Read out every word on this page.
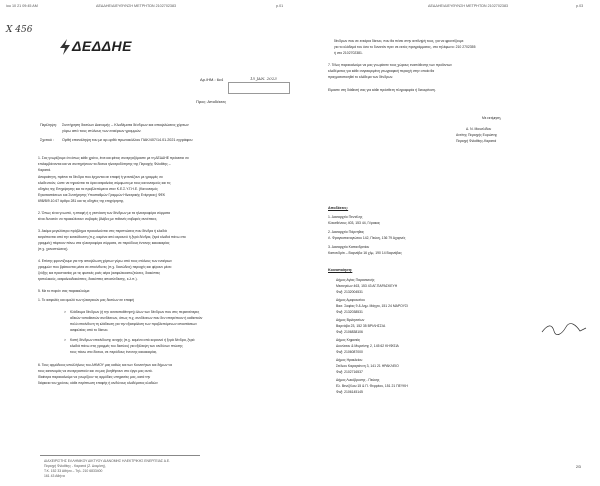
iou 10 21 09:45 AM	ΔΕΔΔΗΕ/ΔΙΕΥΘΥΝΣΗ ΜΕΤΡΗΤΩΝ 2102702383	p.01
X 456
ΔΕΔΔΗΕ
Αρ./ΗΜ.: 6c4	15 JAN. 2023
Προς: Αποδέκτες
Περίληψη: Συντήρηση δικτύων Διανομής – Κλαδέματα δένδρων και αποψιλώσεις χόρτων
γύρω από τους στύλους των εναέριων γραμμών.
Σχετικό : Ορθή επανάληψη του με αρ.ορθό πρωτοκόλλου ΠΑΚ/407/14.01.2021 εγγράφου
1. Σας γνωρίζουμε ότι όπως κάθε χρόνο, έτσι και φέτος συνεργαζόμαστε με τη ΔΕΔΔΗΕ πρόκειται να
επιλαμβάνονται και να συντηρήσουν τα δίκτυα ηλεκτροδότησης της Περιοχής Φιλοθέης –
Καρατιά.
Απαραίτητη, πρέπει τα δένδρα που έρχονται σε επαφή ή γειτνιάζουν με γραμμές να
κλαδευτούν, ώστε να τηρούνται τα όρια ασφαλείας σύμφωνα με τους κανονισμούς και τις
οδηγίες της Επιχείρησης και τα προβλεπόμενα στον Κ.Ε.Σ.Υ.Γ.Η.Ε. (Κανονισμός
Εγκαταστάσεων και Συντήρησης Υποσταθμών Γραμμών Ηλεκτρικής Ενέργειας) ΦΕΚ
698/Β/9.10.67 άρθρο 281 και τις οδηγίες της επιχείρησης.
2. Όπως είναι γνωστό, η επαφή ή η γειτνίαση των δένδρων με τα ηλεκτροφόρα σύρματα
είναι δυνατόν να προκαλέσουν σοβαρές βλάβες με πιθανές σοβαρές συνέπειες.
3. Ακόμα μεγαλύτερο πρόβλημα προκαλούνται στις περιπτώσεις που δένδρα ή κλαδιά
εκτρέπονται από την κατεύθυνση (π.χ. καμένα από κεραυνό ή ξερά δένδρα, ξερά κλαδιά πάνω στο
γραμμές) πέφτουν πάνω στα ηλεκτροφόρα σύρματα, σε περιόδους έντονης κακοκαιρίας
(π.χ. χιονοπτώσεις).
4. Επίσης φροντίζουμε για την αποψίλωση χόρτων γύρω από τους στύλους των εναέριων
γραμμών που βρίσκονται μέσα σε επικίνδυνες (π.χ. δασώδεις) περιοχές και φέρουν μέσο
ζεύξης και προστασίας με τις φυσικές ροές αέρα (ασφαλειοαποζεύκτες, διακόπτες
τριπολικούς, ασφαλειοδιακόπτες, διακόπτες αποσύνδεσης, κ.λ.π.).
5. Με το παρόν σας παρακαλούμε:
1. Το ασφαλές και ομαλό των ηλεκτρικών μας δικτύων σε επαφή
> Κλάδευμα δένδρων (ή την ανατοποθέτηση) όλων των δένδρων που στις περισσότερες
αδειών τοποθεσιών συνδέσεων, όπως π.χ. συνδέσεων που δεν επιτρέπουν ή καθιστούν
πολύ επικίνδυνη τη κλάδευση για την εξασφάλιση των προβλεπόμενων αποστάσεων
ασφαλείας από το δίκτυο.
> Κοπή δένδρων επικίνδυνης ανοχής (π.χ. καμένα από κεραυνό ή ξερά δένδρα, ξερά
κλαδιά πάνω στις γραμμές του δικτύου) για εξάλειψη των κινδύνων πτώσης
τους πάνω στα δίκτυα, σε περιόδους έντονης κακοκαιρίας.
6. Τους αρμόδιους υπαλλήλους του ΔΗΜΟΥ μας καθώς και των Κοινοτήτων και δήμων να
τους κατανομάς να συνεργαστούν και να μας βοηθήσουν στο έργο μας αυτό.
Ιδιαίτερα παρακαλούμε να γνωρίζουν τις αρμόδιες υπηρεσίες μας, κατά την
διάρκεια του χρόνου, κάθε περίπτωση επαφής ή κινδύνους κλαδέματος κλαδιών
ΔΙΑΧΕΙΡΙΣΤΗΣ ΕΛΛΗΝΙΚΟΥ ΔΙΚΤΥΟΥ ΔΙΑΝΟΜΗΣ ΗΛΕΚΤΡΙΚΗΣ ΕΝΕΡΓΕΙΑΣ Α.Ε.
Περιοχή Φιλοθέης - Καρατιά (Ζ. Διαμ/ση),
Τ.Κ. 152 33 Αθήνα – Τηλ. 210 6833400
161 43 Αθήνα
ΔΕΔΔΗΕ/ΔΙΕΥΘΥΝΣΗ ΜΕΤΡΗΤΩΝ 2102702383	p.03
δένδρων που σε ενεάρια δίκτυο, που θα πέσει στην αντίληψή τους, για να φροντίζουμε
για το κλάδεμά του όσο το δυνατόν πριν σε εκτός προγράμματος, στο τηλέφωνο: 210 2702355
ή στο 2102702381.
7. Τέλος παρακαλούμε να μας γνωρίσετε τους χώρους εναπόθεσης των προϊόντων
κλαδέματος για κάθε συγκεκριμένη γεωγραφική περιοχή στην οποία θα
πραγματοποιηθεί το κλάδεμα των δένδρων.
Είμαστε στη διάθεσή σας για κάθε πρόσθετη πληροφορία ή διευκρίνιση.
Με εκτίμηση,
Δ. Ν. Μουσλίδου
Αντ/της Περιοχής Ευρώπης
Περιοχή Φιλοθέης-Καρατιά
Αποδέκτες:
1. Δασαρχείο Πεντέλης
Κλεισθένους 403, 153 44, Γέρακας
2. Δασαρχείο Πάρνηθας
Λ. Φραγκοπαναγιώτου 142, Πεύκη, 136 79 Αχαρνές
3. Δασαρχείο Καπανδριτίου
Καπανδρίτι – Βαρνάβα 16 χλμ, 190 14 Βαρνάβας
Κοινοποίηση:
Δήμος Αγίας Παρασκευής
Μεσογείων 463, 153 43 ΑΓ.ΠΑΡΑΣΚΕΥΗ
Φαξ: 2132004531
Δήμος Αμαρουσίου
Βασ. Σοφίας 9 & Δημ. Μάγγα, 151 24 ΜΑΡΟΥΣΙ
Φαξ: 2132038531
Δήμος Βριλησσίων
Βαρνάβα 23, 152 35 ΒΡΙΛΗΣΣΙΑ
Φαξ: 2106838106
Δήμος Κηφισιάς
Διονύσου & Μυρσίνης 2, 145 62 ΚΗΦΙΣΙΑ
Φαξ: 2106087000
Δήμος Ηρακλείου
Στέλιου Καραγιάννη 3, 141 21 ΗΡΑΚΛΕΙΟ
Φαξ: 2102716537
Δήμος Λυκόβρυσης - Πεύκης
Ελ. Βενιζέλου 15 & Π. Φερρέου, 151 21 ΠΕΥΚΗ
Φαξ: 2106145145
2/3
